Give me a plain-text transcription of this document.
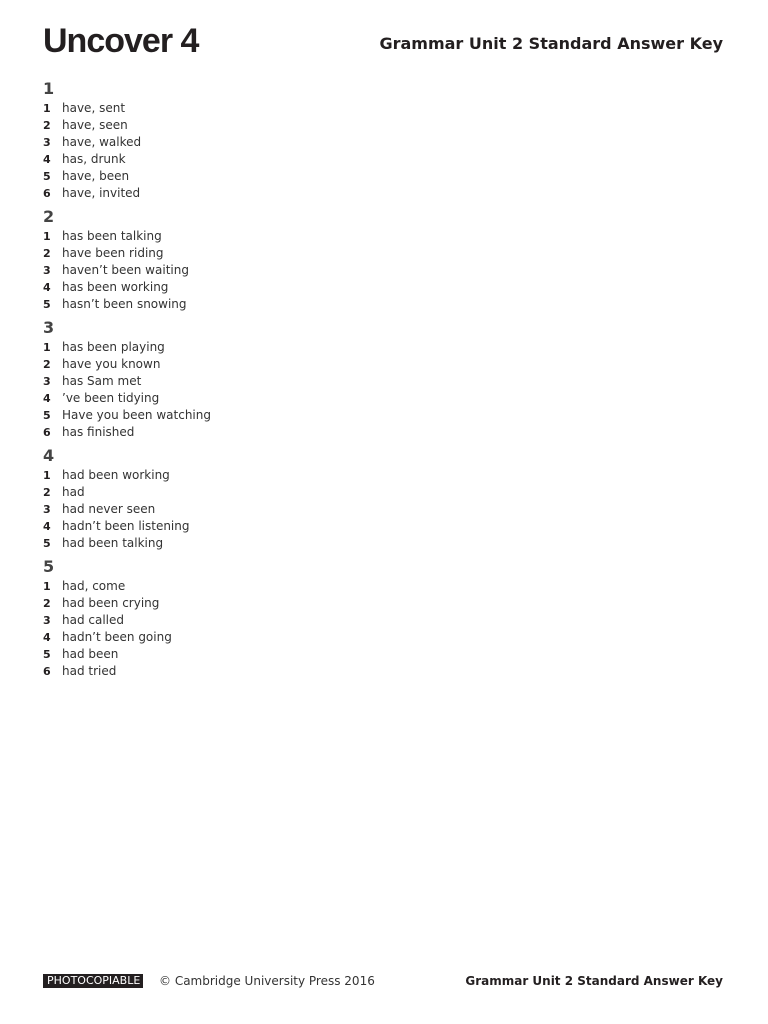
Uncover 4	Grammar Unit 2 Standard Answer Key
1
1 have, sent
2 have, seen
3 have, walked
4 has, drunk
5 have, been
6 have, invited
2
1 has been talking
2 have been riding
3 haven’t been waiting
4 has been working
5 hasn’t been snowing
3
1 has been playing
2 have you known
3 has Sam met
4 ’ve been tidying
5 Have you been watching
6 has finished
4
1 had been working
2 had
3 had never seen
4 hadn’t been listening
5 had been talking
5
1 had, come
2 had been crying
3 had called
4 hadn’t been going
5 had been
6 had tried
PHOTOCOPIABLE © Cambridge University Press 2016	Grammar Unit 2 Standard Answer Key
